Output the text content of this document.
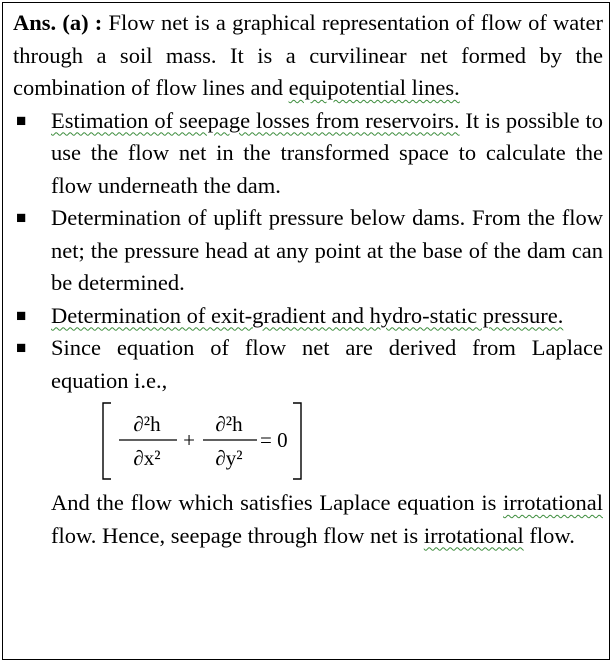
Ans. (a) : Flow net is a graphical representation of flow of water through a soil mass. It is a curvilinear net formed by the combination of flow lines and equipotential lines.

■ Estimation of seepage losses from reservoirs. It is possible to use the flow net in the transformed space to calculate the flow underneath the dam.
■ Determination of uplift pressure below dams. From the flow net; the pressure head at any point at the base of the dam can be determined.
■ Determination of exit-gradient and hydro-static pressure.
■ Since equation of flow net are derived from Laplace equation i.e.,
∂²h
∂x²
+
∂²h
∂y²
= 0

And the flow which satisfies Laplace equation is irrotational flow. Hence, seepage through flow net is irrotational flow.
